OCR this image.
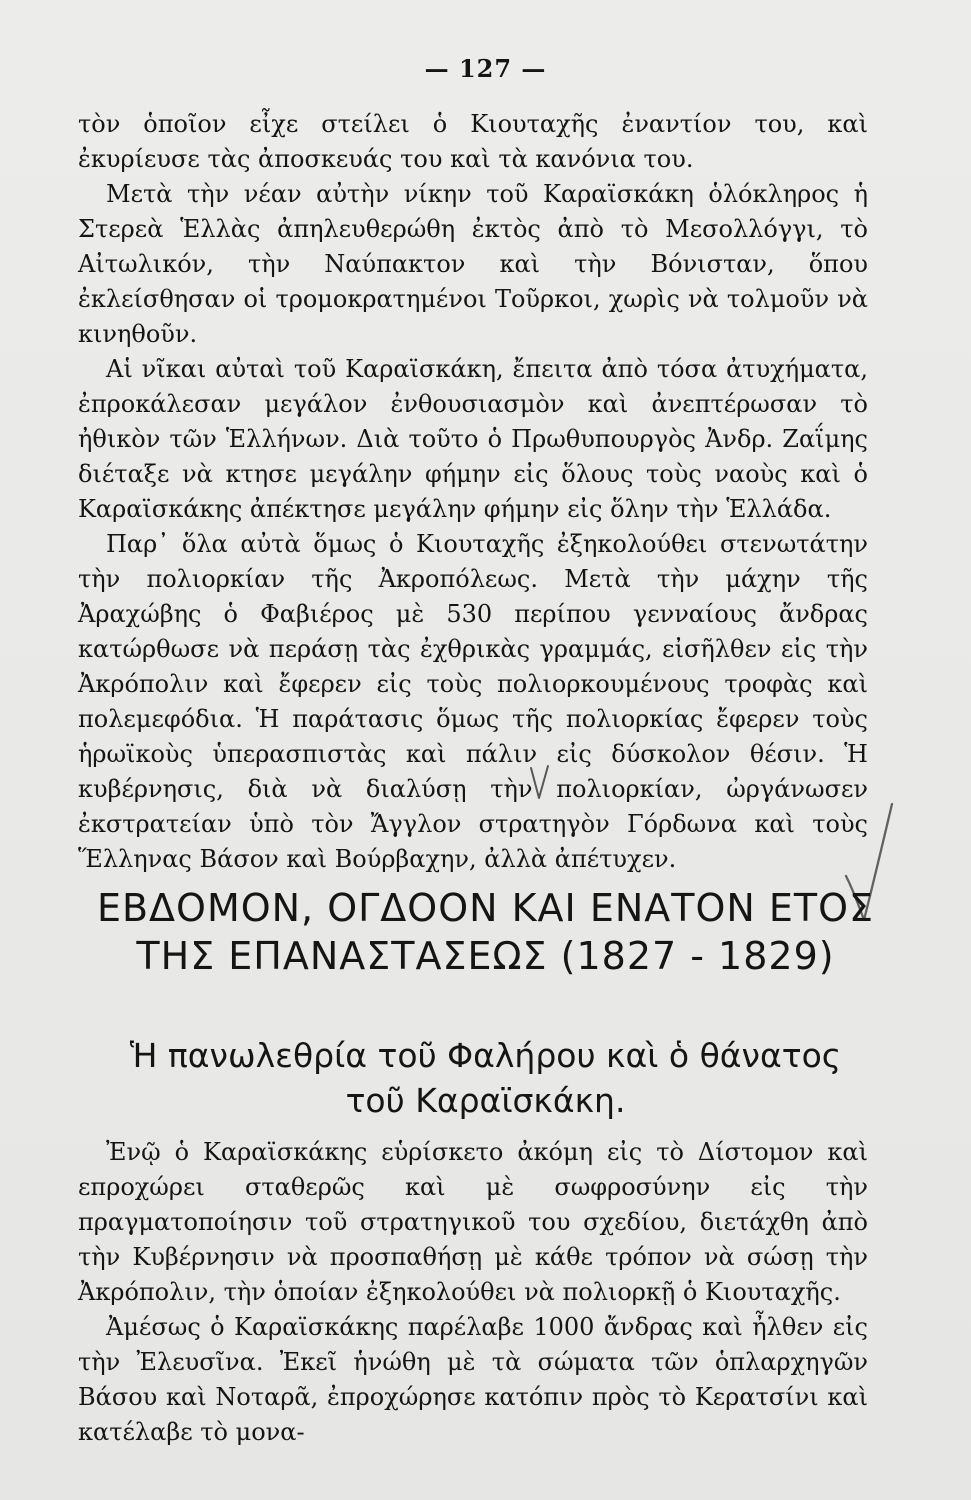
— 127 —

τὸν ὁποῖον εἶχε στείλει ὁ Κιουταχῆς ἐναντίον του, καὶ ἐκυρίευσε τὰς ἀποσκευάς του καὶ τὰ κανόνια του.

Μετὰ τὴν νέαν αὐτὴν νίκην τοῦ Καραϊσκάκη ὁλόκληρος ἡ Στερεὰ Ἑλλὰς ἀπηλευθερώθη ἐκτὸς ἀπὸ τὸ Μεσολλόγγι, τὸ Αἰτωλικόν, τὴν Ναύπακτον καὶ τὴν Βόνισταν, ὅπου ἐκλείσθησαν οἱ τρομοκρατημένοι Τοῦρκοι, χωρὶς νὰ τολμοῦν νὰ κινηθοῦν.

Αἱ νῖκαι αὐταὶ τοῦ Καραϊσκάκη, ἔπειτα ἀπὸ τόσα ἀτυχήματα, ἐπροκάλεσαν μεγάλον ἐνθουσιασμὸν καὶ ἀνεπτέρωσαν τὸ ἠθικὸν τῶν Ἑλλήνων. Διὰ τοῦτο ὁ Πρωθυπουργὸς Ἀνδρ. Ζαΐμης διέταξε νὰ κτησε μεγάλην φήμην εἰς ὅλους τοὺς ναοὺς καὶ ὁ Καραϊσκάκης ἀπέκτησε μεγάλην φήμην εἰς ὅλην τὴν Ἑλλάδα.

Παρ᾽ ὅλα αὐτὰ ὅμως ὁ Κιουταχῆς ἐξηκολούθει στενωτάτην τὴν πολιορκίαν τῆς Ἀκροπόλεως. Μετὰ τὴν μάχην τῆς Ἀραχώβης ὁ Φαβιέρος μὲ 530 περίπου γενναίους ἄνδρας κατώρθωσε νὰ περάσῃ τὰς ἐχθρικὰς γραμμάς, εἰσῆλθεν εἰς τὴν Ἀκρόπολιν καὶ ἔφερεν εἰς τοὺς πολιορκουμένους τροφὰς καὶ πολεμεφόδια. Ἡ παράτασις ὅμως τῆς πολιορκίας ἔφερεν τοὺς ἡρωϊκοὺς ὑπερασπιστὰς καὶ πάλιν εἰς δύσκολον θέσιν. Ἡ κυβέρνησις, διὰ νὰ διαλύσῃ τὴν πολιορκίαν, ὠργάνωσεν ἐκστρατείαν ὑπὸ τὸν Ἄγγλον στρατηγὸν Γόρδωνα καὶ τοὺς Ἕλληνας Βάσον καὶ Βούρβαχην, ἀλλὰ ἀπέτυχεν.

ΕΒΔΟΜΟΝ, ΟΓΔΟΟΝ ΚΑΙ ΕΝΑΤΟΝ ΕΤΟΣ
ΤΗΣ ΕΠΑΝΑΣΤΑΣΕΩΣ (1827 - 1829)
Ἡ πανωλεθρία τοῦ Φαλήρου καὶ ὁ θάνατος
τοῦ Καραϊσκάκη.

Ἐνῷ ὁ Καραϊσκάκης εὑρίσκετο ἀκόμη εἰς τὸ Δίστομον καὶ επροχώρει σταθερῶς καὶ μὲ σωφροσύνην εἰς τὴν πραγματοποίησιν τοῦ στρατηγικοῦ του σχεδίου, διετάχθη ἀπὸ τὴν Κυβέρνησιν νὰ προσπαθήσῃ μὲ κάθε τρόπον νὰ σώσῃ τὴν Ἀκρόπολιν, τὴν ὁποίαν ἐξηκολούθει νὰ πολιορκῇ ὁ Κιουταχῆς.

Ἀμέσως ὁ Καραϊσκάκης παρέλαβε 1000 ἄνδρας καὶ ἦλθεν εἰς τὴν Ἐλευσῖνα. Ἐκεῖ ἡνώθη μὲ τὰ σώματα τῶν ὁπλαρχηγῶν Βάσου καὶ Νοταρᾶ, ἐπροχώρησε κατόπιν πρὸς τὸ Κερατσίνι καὶ κατέλαβε τὸ μονα-
